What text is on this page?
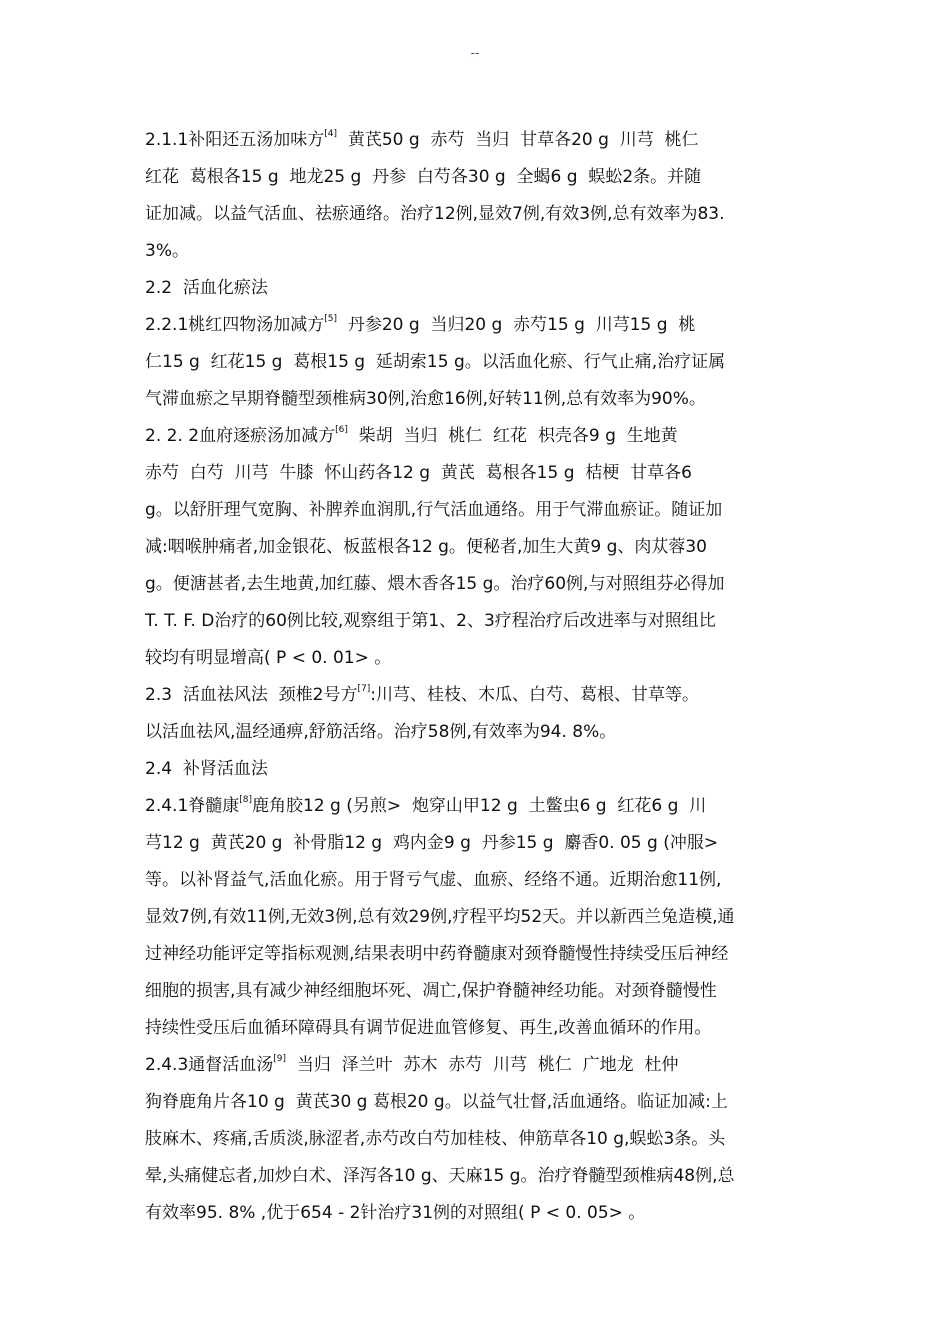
--
2.1.1补阳还五汤加味方[4]  黄芪50 g  赤芍  当归  甘草各20 g  川芎  桃仁
红花  葛根各15 g  地龙25 g  丹参  白芍各30 g  全蝎6 g  蜈蚣2条。并随
证加减。以益气活血、祛瘀通络。治疗12例,显效7例,有效3例,总有效率为83.
3%。
2.2  活血化瘀法
2.2.1桃红四物汤加减方[5]  丹参20 g  当归20 g  赤芍15 g  川芎15 g  桃
仁15 g  红花15 g  葛根15 g  延胡索15 g。以活血化瘀、行气止痛,治疗证属
气滞血瘀之早期脊髓型颈椎病30例,治愈16例,好转11例,总有效率为90%。
2. 2. 2血府逐瘀汤加减方[6]  柴胡  当归  桃仁  红花  枳壳各9 g  生地黄
赤芍  白芍  川芎  牛膝  怀山药各12 g  黄芪  葛根各15 g  桔梗  甘草各6
g。以舒肝理气宽胸、补脾养血润肌,行气活血通络。用于气滞血瘀证。随证加
减:咽喉肿痛者,加金银花、板蓝根各12 g。便秘者,加生大黄9 g、肉苁蓉30
g。便溏甚者,去生地黄,加红藤、煨木香各15 g。治疗60例,与对照组芬必得加
T. T. F. D治疗的60例比较,观察组于第1、2、3疗程治疗后改进率与对照组比
较均有明显增高( P < 0. 01> 。
2.3  活血祛风法  颈椎2号方[7]:川芎、桂枝、木瓜、白芍、葛根、甘草等。
以活血祛风,温经通痹,舒筋活络。治疗58例,有效率为94. 8%。
2.4  补肾活血法
2.4.1脊髓康[8]鹿角胶12 g (另煎>  炮穿山甲12 g  土鳖虫6 g  红花6 g  川
芎12 g  黄芪20 g  补骨脂12 g  鸡内金9 g  丹参15 g  麝香0. 05 g (冲服>
等。以补肾益气,活血化瘀。用于肾亏气虚、血瘀、经络不通。近期治愈11例,
显效7例,有效11例,无效3例,总有效29例,疗程平均52天。并以新西兰兔造模,通
过神经功能评定等指标观测,结果表明中药脊髓康对颈脊髓慢性持续受压后神经
细胞的损害,具有减少神经细胞坏死、凋亡,保护脊髓神经功能。对颈脊髓慢性
持续性受压后血循环障碍具有调节促进血管修复、再生,改善血循环的作用。
2.4.3通督活血汤[9]  当归  泽兰叶  苏木  赤芍  川芎  桃仁  广地龙  杜仲
狗脊鹿角片各10 g  黄芪30 g 葛根20 g。以益气壮督,活血通络。临证加减:上
肢麻木、疼痛,舌质淡,脉涩者,赤芍改白芍加桂枝、伸筋草各10 g,蜈蚣3条。头
晕,头痛健忘者,加炒白术、泽泻各10 g、天麻15 g。治疗脊髓型颈椎病48例,总
有效率95. 8% ,优于654 - 2针治疗31例的对照组( P < 0. 05> 。
